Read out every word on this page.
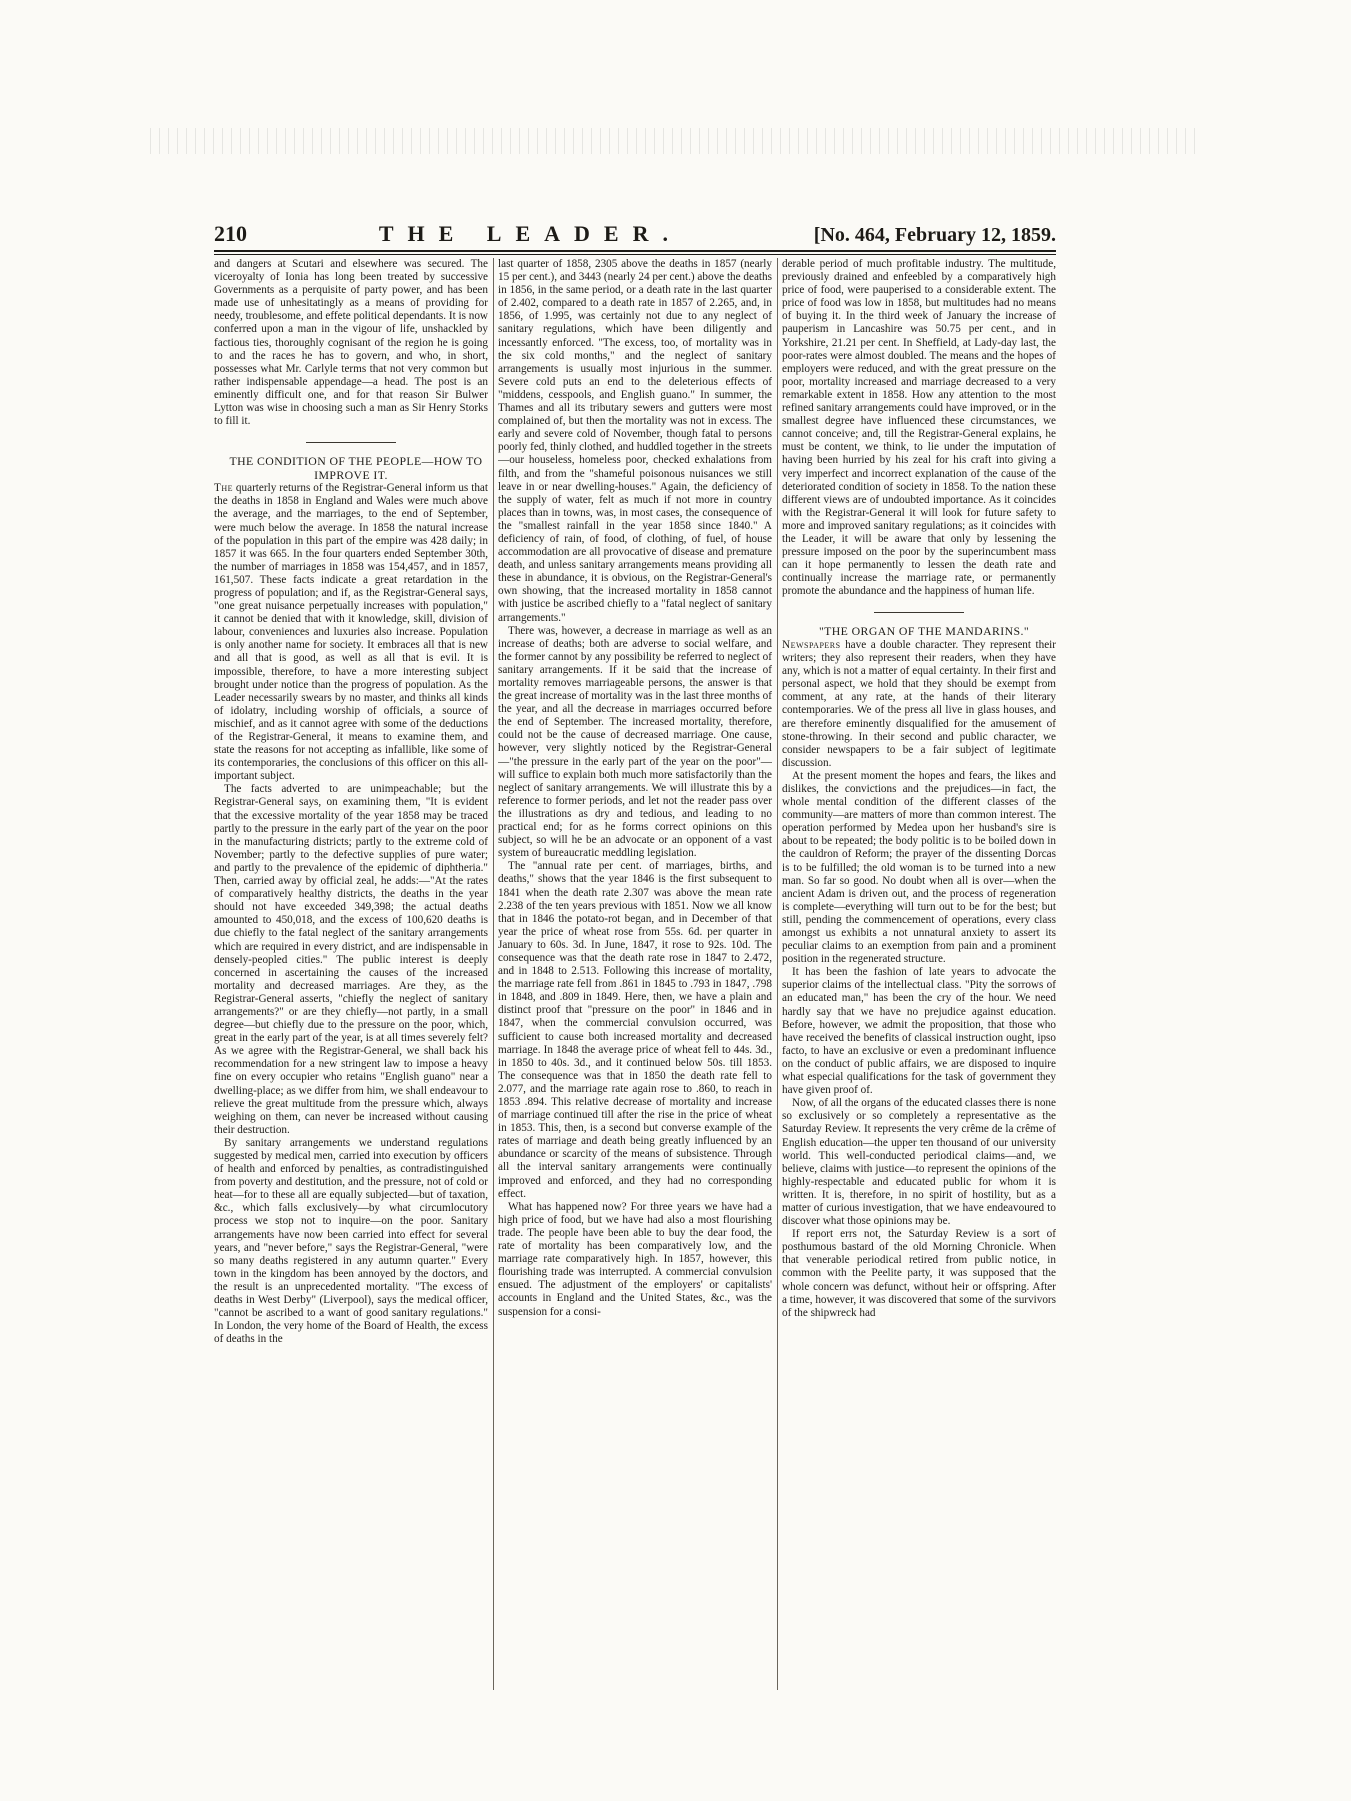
210	THE LEADER.	[No. 464, February 12, 1859.

and dangers at Scutari and elsewhere was secured. The viceroyalty of Ionia has long been treated by successive Governments as a perquisite of party power, and has been made use of unhesitatingly as a means of providing for needy, troublesome, and effete political dependants. It is now conferred upon a man in the vigour of life, unshackled by factious ties, thoroughly cognisant of the region he is going to and the races he has to govern, and who, in short, possesses what Mr. Carlyle terms that not very common but rather indispensable appendage—a head. The post is an eminently difficult one, and for that reason Sir Bulwer Lytton was wise in choosing such a man as Sir Henry Storks to fill it.

THE CONDITION OF THE PEOPLE—HOW TO IMPROVE IT.

The quarterly returns of the Registrar-General inform us that the deaths in 1858 in England and Wales were much above the average, and the marriages, to the end of September, were much below the average. In 1858 the natural increase of the population in this part of the empire was 428 daily; in 1857 it was 665. In the four quarters ended September 30th, the number of marriages in 1858 was 154,457, and in 1857, 161,507. These facts indicate a great retardation in the progress of population; and if, as the Registrar-General says, "one great nuisance perpetually increases with population," it cannot be denied that with it knowledge, skill, division of labour, conveniences and luxuries also increase. Population is only another name for society. It embraces all that is new and all that is good, as well as all that is evil. It is impossible, therefore, to have a more interesting subject brought under notice than the progress of population. As the Leader necessarily swears by no master, and thinks all kinds of idolatry, including worship of officials, a source of mischief, and as it cannot agree with some of the deductions of the Registrar-General, it means to examine them, and state the reasons for not accepting as infallible, like some of its contemporaries, the conclusions of this officer on this all-important subject.

The facts adverted to are unimpeachable; but the Registrar-General says, on examining them, "It is evident that the excessive mortality of the year 1858 may be traced partly to the pressure in the early part of the year on the poor in the manufacturing districts; partly to the extreme cold of November; partly to the defective supplies of pure water; and partly to the prevalence of the epidemic of diphtheria." Then, carried away by official zeal, he adds:—"At the rates of comparatively healthy districts, the deaths in the year should not have exceeded 349,398; the actual deaths amounted to 450,018, and the excess of 100,620 deaths is due chiefly to the fatal neglect of the sanitary arrangements which are required in every district, and are indispensable in densely-peopled cities." The public interest is deeply concerned in ascertaining the causes of the increased mortality and decreased marriages. Are they, as the Registrar-General asserts, "chiefly the neglect of sanitary arrangements?" or are they chiefly—not partly, in a small degree—but chiefly due to the pressure on the poor, which, great in the early part of the year, is at all times severely felt? As we agree with the Registrar-General, we shall back his recommendation for a new stringent law to impose a heavy fine on every occupier who retains "English guano" near a dwelling-place; as we differ from him, we shall endeavour to relieve the great multitude from the pressure which, always weighing on them, can never be increased without causing their destruction.

By sanitary arrangements we understand regulations suggested by medical men, carried into execution by officers of health and enforced by penalties, as contradistinguished from poverty and destitution, and the pressure, not of cold or heat—for to these all are equally subjected—but of taxation, &c., which falls exclusively—by what circumlocutory process we stop not to inquire—on the poor. Sanitary arrangements have now been carried into effect for several years, and "never before," says the Registrar-General, "were so many deaths registered in any autumn quarter." Every town in the kingdom has been annoyed by the doctors, and the result is an unprecedented mortality. "The excess of deaths in West Derby" (Liverpool), says the medical officer, "cannot be ascribed to a want of good sanitary regulations." In London, the very home of the Board of Health, the excess of deaths in the

last quarter of 1858, 2305 above the deaths in 1857 (nearly 15 per cent.), and 3443 (nearly 24 per cent.) above the deaths in 1856, in the same period, or a death rate in the last quarter of 2.402, compared to a death rate in 1857 of 2.265, and, in 1856, of 1.995, was certainly not due to any neglect of sanitary regulations, which have been diligently and incessantly enforced. "The excess, too, of mortality was in the six cold months," and the neglect of sanitary arrangements is usually most injurious in the summer. Severe cold puts an end to the deleterious effects of "middens, cesspools, and English guano." In summer, the Thames and all its tributary sewers and gutters were most complained of, but then the mortality was not in excess. The early and severe cold of November, though fatal to persons poorly fed, thinly clothed, and huddled together in the streets—our houseless, homeless poor, checked exhalations from filth, and from the "shameful poisonous nuisances we still leave in or near dwelling-houses." Again, the deficiency of the supply of water, felt as much if not more in country places than in towns, was, in most cases, the consequence of the "smallest rainfall in the year 1858 since 1840." A deficiency of rain, of food, of clothing, of fuel, of house accommodation are all provocative of disease and premature death, and unless sanitary arrangements means providing all these in abundance, it is obvious, on the Registrar-General's own showing, that the increased mortality in 1858 cannot with justice be ascribed chiefly to a "fatal neglect of sanitary arrangements."

There was, however, a decrease in marriage as well as an increase of deaths; both are adverse to social welfare, and the former cannot by any possibility be referred to neglect of sanitary arrangements. If it be said that the increase of mortality removes marriageable persons, the answer is that the great increase of mortality was in the last three months of the year, and all the decrease in marriages occurred before the end of September. The increased mortality, therefore, could not be the cause of decreased marriage. One cause, however, very slightly noticed by the Registrar-General—"the pressure in the early part of the year on the poor"—will suffice to explain both much more satisfactorily than the neglect of sanitary arrangements. We will illustrate this by a reference to former periods, and let not the reader pass over the illustrations as dry and tedious, and leading to no practical end; for as he forms correct opinions on this subject, so will he be an advocate or an opponent of a vast system of bureaucratic meddling legislation.

The "annual rate per cent. of marriages, births, and deaths," shows that the year 1846 is the first subsequent to 1841 when the death rate 2.307 was above the mean rate 2.238 of the ten years previous with 1851. Now we all know that in 1846 the potato-rot began, and in December of that year the price of wheat rose from 55s. 6d. per quarter in January to 60s. 3d. In June, 1847, it rose to 92s. 10d. The consequence was that the death rate rose in 1847 to 2.472, and in 1848 to 2.513. Following this increase of mortality, the marriage rate fell from .861 in 1845 to .793 in 1847, .798 in 1848, and .809 in 1849. Here, then, we have a plain and distinct proof that "pressure on the poor" in 1846 and in 1847, when the commercial convulsion occurred, was sufficient to cause both increased mortality and decreased marriage. In 1848 the average price of wheat fell to 44s. 3d., in 1850 to 40s. 3d., and it continued below 50s. till 1853. The consequence was that in 1850 the death rate fell to 2.077, and the marriage rate again rose to .860, to reach in 1853 .894. This relative decrease of mortality and increase of marriage continued till after the rise in the price of wheat in 1853. This, then, is a second but converse example of the rates of marriage and death being greatly influenced by an abundance or scarcity of the means of subsistence. Through all the interval sanitary arrangements were continually improved and enforced, and they had no corresponding effect.

What has happened now? For three years we have had a high price of food, but we have had also a most flourishing trade. The people have been able to buy the dear food, the rate of mortality has been comparatively low, and the marriage rate comparatively high. In 1857, however, this flourishing trade was interrupted. A commercial convulsion ensued. The adjustment of the employers' or capitalists' accounts in England and the United States, &c., was the suspension for a consi-

derable period of much profitable industry. The multitude, previously drained and enfeebled by a comparatively high price of food, were pauperised to a considerable extent. The price of food was low in 1858, but multitudes had no means of buying it. In the third week of January the increase of pauperism in Lancashire was 50.75 per cent., and in Yorkshire, 21.21 per cent. In Sheffield, at Lady-day last, the poor-rates were almost doubled. The means and the hopes of employers were reduced, and with the great pressure on the poor, mortality increased and marriage decreased to a very remarkable extent in 1858. How any attention to the most refined sanitary arrangements could have improved, or in the smallest degree have influenced these circumstances, we cannot conceive; and, till the Registrar-General explains, he must be content, we think, to lie under the imputation of having been hurried by his zeal for his craft into giving a very imperfect and incorrect explanation of the cause of the deteriorated condition of society in 1858. To the nation these different views are of undoubted importance. As it coincides with the Registrar-General it will look for future safety to more and improved sanitary regulations; as it coincides with the Leader, it will be aware that only by lessening the pressure imposed on the poor by the superincumbent mass can it hope permanently to lessen the death rate and continually increase the marriage rate, or permanently promote the abundance and the happiness of human life.

"THE ORGAN OF THE MANDARINS."

Newspapers have a double character. They represent their writers; they also represent their readers, when they have any, which is not a matter of equal certainty. In their first and personal aspect, we hold that they should be exempt from comment, at any rate, at the hands of their literary contemporaries. We of the press all live in glass houses, and are therefore eminently disqualified for the amusement of stone-throwing. In their second and public character, we consider newspapers to be a fair subject of legitimate discussion.

At the present moment the hopes and fears, the likes and dislikes, the convictions and the prejudices—in fact, the whole mental condition of the different classes of the community—are matters of more than common interest. The operation performed by Medea upon her husband's sire is about to be repeated; the body politic is to be boiled down in the cauldron of Reform; the prayer of the dissenting Dorcas is to be fulfilled; the old woman is to be turned into a new man. So far so good. No doubt when all is over—when the ancient Adam is driven out, and the process of regeneration is complete—everything will turn out to be for the best; but still, pending the commencement of operations, every class amongst us exhibits a not unnatural anxiety to assert its peculiar claims to an exemption from pain and a prominent position in the regenerated structure.

It has been the fashion of late years to advocate the superior claims of the intellectual class. "Pity the sorrows of an educated man," has been the cry of the hour. We need hardly say that we have no prejudice against education. Before, however, we admit the proposition, that those who have received the benefits of classical instruction ought, ipso facto, to have an exclusive or even a predominant influence on the conduct of public affairs, we are disposed to inquire what especial qualifications for the task of government they have given proof of.

Now, of all the organs of the educated classes there is none so exclusively or so completely a representative as the Saturday Review. It represents the very crême de la crême of English education—the upper ten thousand of our university world. This well-conducted periodical claims—and, we believe, claims with justice—to represent the opinions of the highly-respectable and educated public for whom it is written. It is, therefore, in no spirit of hostility, but as a matter of curious investigation, that we have endeavoured to discover what those opinions may be.

If report errs not, the Saturday Review is a sort of posthumous bastard of the old Morning Chronicle. When that venerable periodical retired from public notice, in common with the Peelite party, it was supposed that the whole concern was defunct, without heir or offspring. After a time, however, it was discovered that some of the survivors of the shipwreck had
